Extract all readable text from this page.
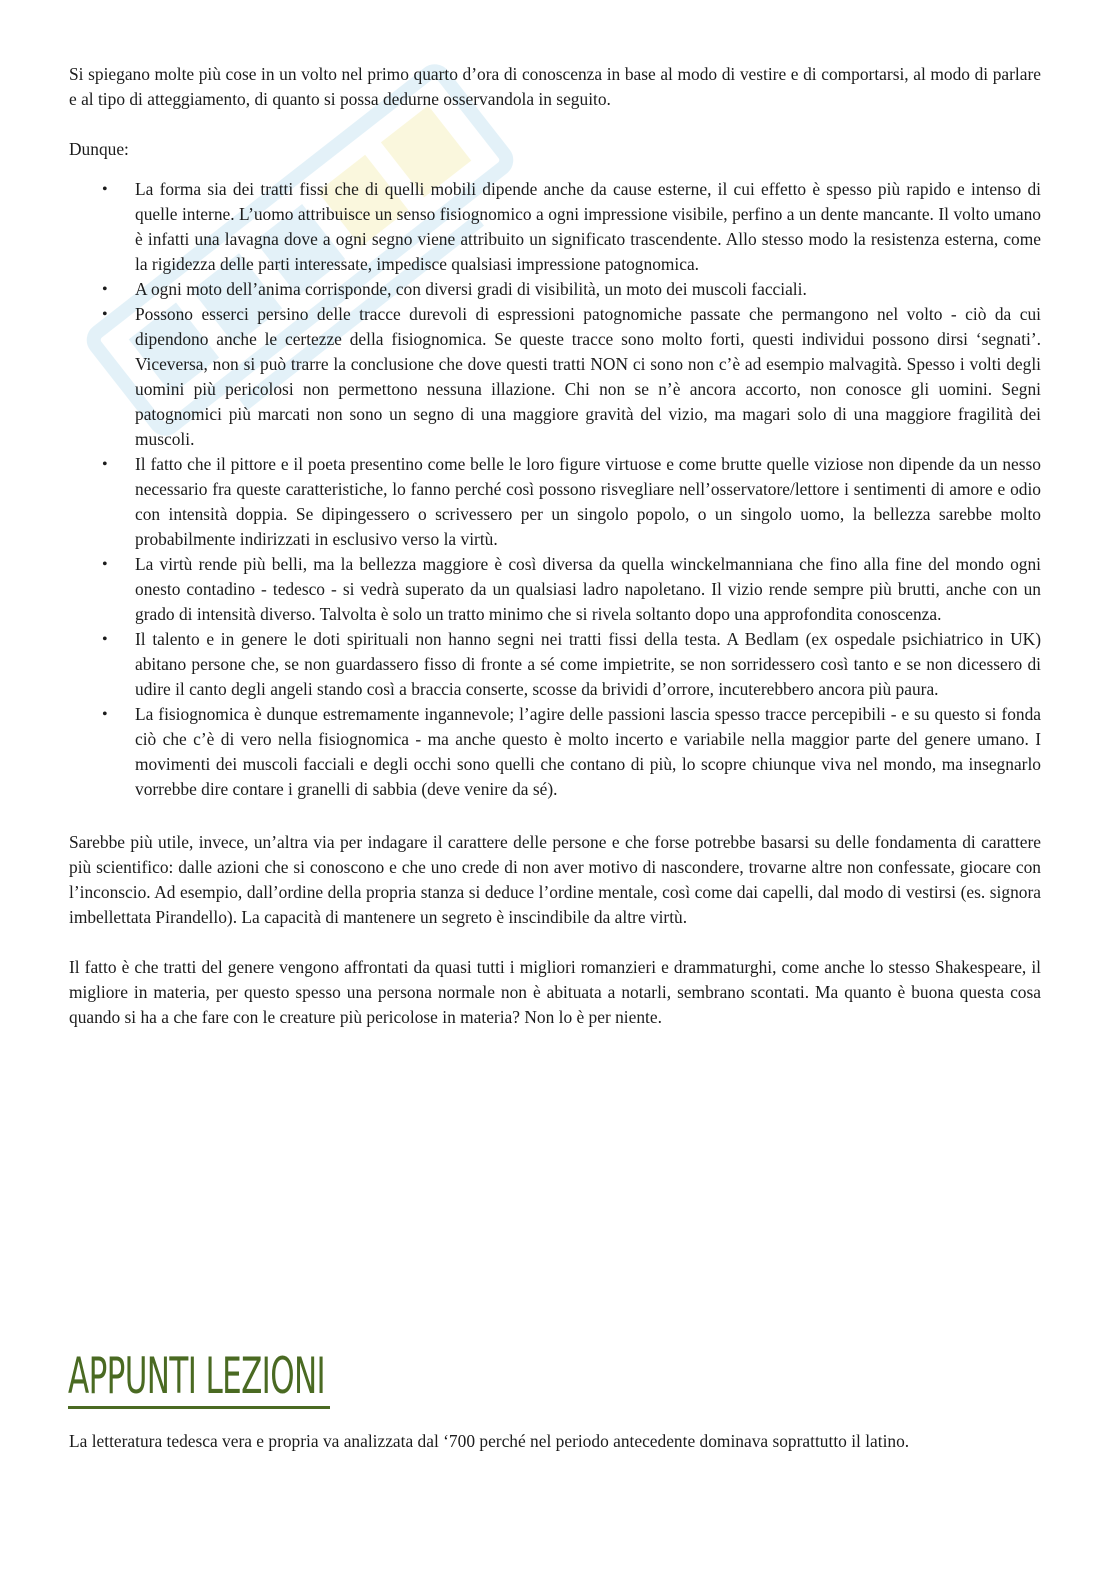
Si spiegano molte più cose in un volto nel primo quarto d’ora di conoscenza in base al modo di vestire e di comportarsi, al modo di parlare e al tipo di atteggiamento, di quanto si possa dedurne osservandola in seguito.

Dunque:

• La forma sia dei tratti fissi che di quelli mobili dipende anche da cause esterne, il cui effetto è spesso più rapido e intenso di quelle interne. L’uomo attribuisce un senso fisiognomico a ogni impressione visibile, perfino a un dente mancante. Il volto umano è infatti una lavagna dove a ogni segno viene attribuito un significato trascendente. Allo stesso modo la resistenza esterna, come la rigidezza delle parti interessate, impedisce qualsiasi impressione patognomica.
• A ogni moto dell’anima corrisponde, con diversi gradi di visibilità, un moto dei muscoli facciali.
• Possono esserci persino delle tracce durevoli di espressioni patognomiche passate che permangono nel volto - ciò da cui dipendono anche le certezze della fisiognomica. Se queste tracce sono molto forti, questi individui possono dirsi ‘segnati’. Viceversa, non si può trarre la conclusione che dove questi tratti NON ci sono non c’è ad esempio malvagità. Spesso i volti degli uomini più pericolosi non permettono nessuna illazione. Chi non se n’è ancora accorto, non conosce gli uomini. Segni patognomici più marcati non sono un segno di una maggiore gravità del vizio, ma magari solo di una maggiore fragilità dei muscoli.
• Il fatto che il pittore e il poeta presentino come belle le loro figure virtuose e come brutte quelle viziose non dipende da un nesso necessario fra queste caratteristiche, lo fanno perché così possono risvegliare nell’osservatore/lettore i sentimenti di amore e odio con intensità doppia. Se dipingessero o scrivessero per un singolo popolo, o un singolo uomo, la bellezza sarebbe molto probabilmente indirizzati in esclusivo verso la virtù.
• La virtù rende più belli, ma la bellezza maggiore è così diversa da quella winckelmanniana che fino alla fine del mondo ogni onesto contadino - tedesco - si vedrà superato da un qualsiasi ladro napoletano. Il vizio rende sempre più brutti, anche con un grado di intensità diverso. Talvolta è solo un tratto minimo che si rivela soltanto dopo una approfondita conoscenza.
• Il talento e in genere le doti spirituali non hanno segni nei tratti fissi della testa. A Bedlam (ex ospedale psichiatrico in UK) abitano persone che, se non guardassero fisso di fronte a sé come impietrite, se non sorridessero così tanto e se non dicessero di udire il canto degli angeli stando così a braccia conserte, scosse da brividi d’orrore, incuterebbero ancora più paura.
• La fisiognomica è dunque estremamente ingannevole; l’agire delle passioni lascia spesso tracce percepibili - e su questo si fonda ciò che c’è di vero nella fisiognomica - ma anche questo è molto incerto e variabile nella maggior parte del genere umano. I movimenti dei muscoli facciali e degli occhi sono quelli che contano di più, lo scopre chiunque viva nel mondo, ma insegnarlo vorrebbe dire contare i granelli di sabbia (deve venire da sé).

Sarebbe più utile, invece, un’altra via per indagare il carattere delle persone e che forse potrebbe basarsi su delle fondamenta di carattere più scientifico: dalle azioni che si conoscono e che uno crede di non aver motivo di nascondere, trovarne altre non confessate, giocare con l’inconscio. Ad esempio, dall’ordine della propria stanza si deduce l’ordine mentale, così come dai capelli, dal modo di vestirsi (es. signora imbellettata Pirandello). La capacità di mantenere un segreto è inscindibile da altre virtù.

Il fatto è che tratti del genere vengono affrontati da quasi tutti i migliori romanzieri e drammaturghi, come anche lo stesso Shakespeare, il migliore in materia, per questo spesso una persona normale non è abituata a notarli, sembrano scontati. Ma quanto è buona questa cosa quando si ha a che fare con le creature più pericolose in materia? Non lo è per niente.

APPUNTI LEZIONI

La letteratura tedesca vera e propria va analizzata dal ‘700 perché nel periodo antecedente dominava soprattutto il latino.
